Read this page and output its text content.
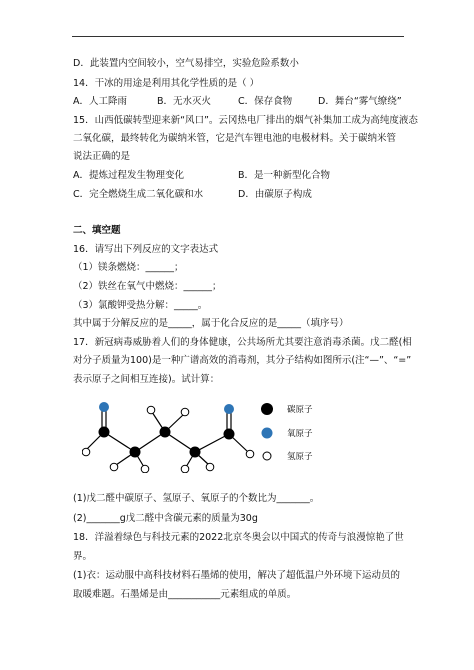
D．此装置内空间较小，空气易排空，实验危险系数小
14．干冰的用途是利用其化学性质的是（ ）
A．人工降雨	B．无水灭火	C．保存食物	D．舞台“雾气缭绕”
15．山西低碳转型迎来新“风口”。云冈热电厂排出的烟气补集加工成为高纯度液态
二氧化碳，最终转化为碳纳米管，它是汽车锂电池的电极材料。关于碳纳米管
说法正确的是
A．提炼过程发生物理变化	B．是一种新型化合物
C．完全燃烧生成二氧化碳和水	D．由碳原子构成
二、填空题
16．请写出下列反应的文字表达式
（1）镁条燃烧：______；
（2）铁丝在氧气中燃烧：______；
（3）氯酸钾受热分解：_____。
其中属于分解反应的是_____，属于化合反应的是_____（填序号）
17．新冠病毒威胁着人们的身体健康，公共场所尤其要注意消毒杀菌。戊二醛(相
对分子质量为100)是一种广谱高效的消毒剂，其分子结构如图所示(注“—”、“=”
表示原子之间相互连接)。试计算：
碳原子
氧原子
氢原子
(1)戊二醛中碳原子、氢原子、氧原子的个数比为_______。
(2)_______g戊二醛中含碳元素的质量为30g
18．洋溢着绿色与科技元素的2022北京冬奥会以中国式的传奇与浪漫惊艳了世
界。
(1)衣：运动服中高科技材料石墨烯的使用，解决了超低温户外环境下运动员的
取暖难题。石墨烯是由___________元素组成的单质。
